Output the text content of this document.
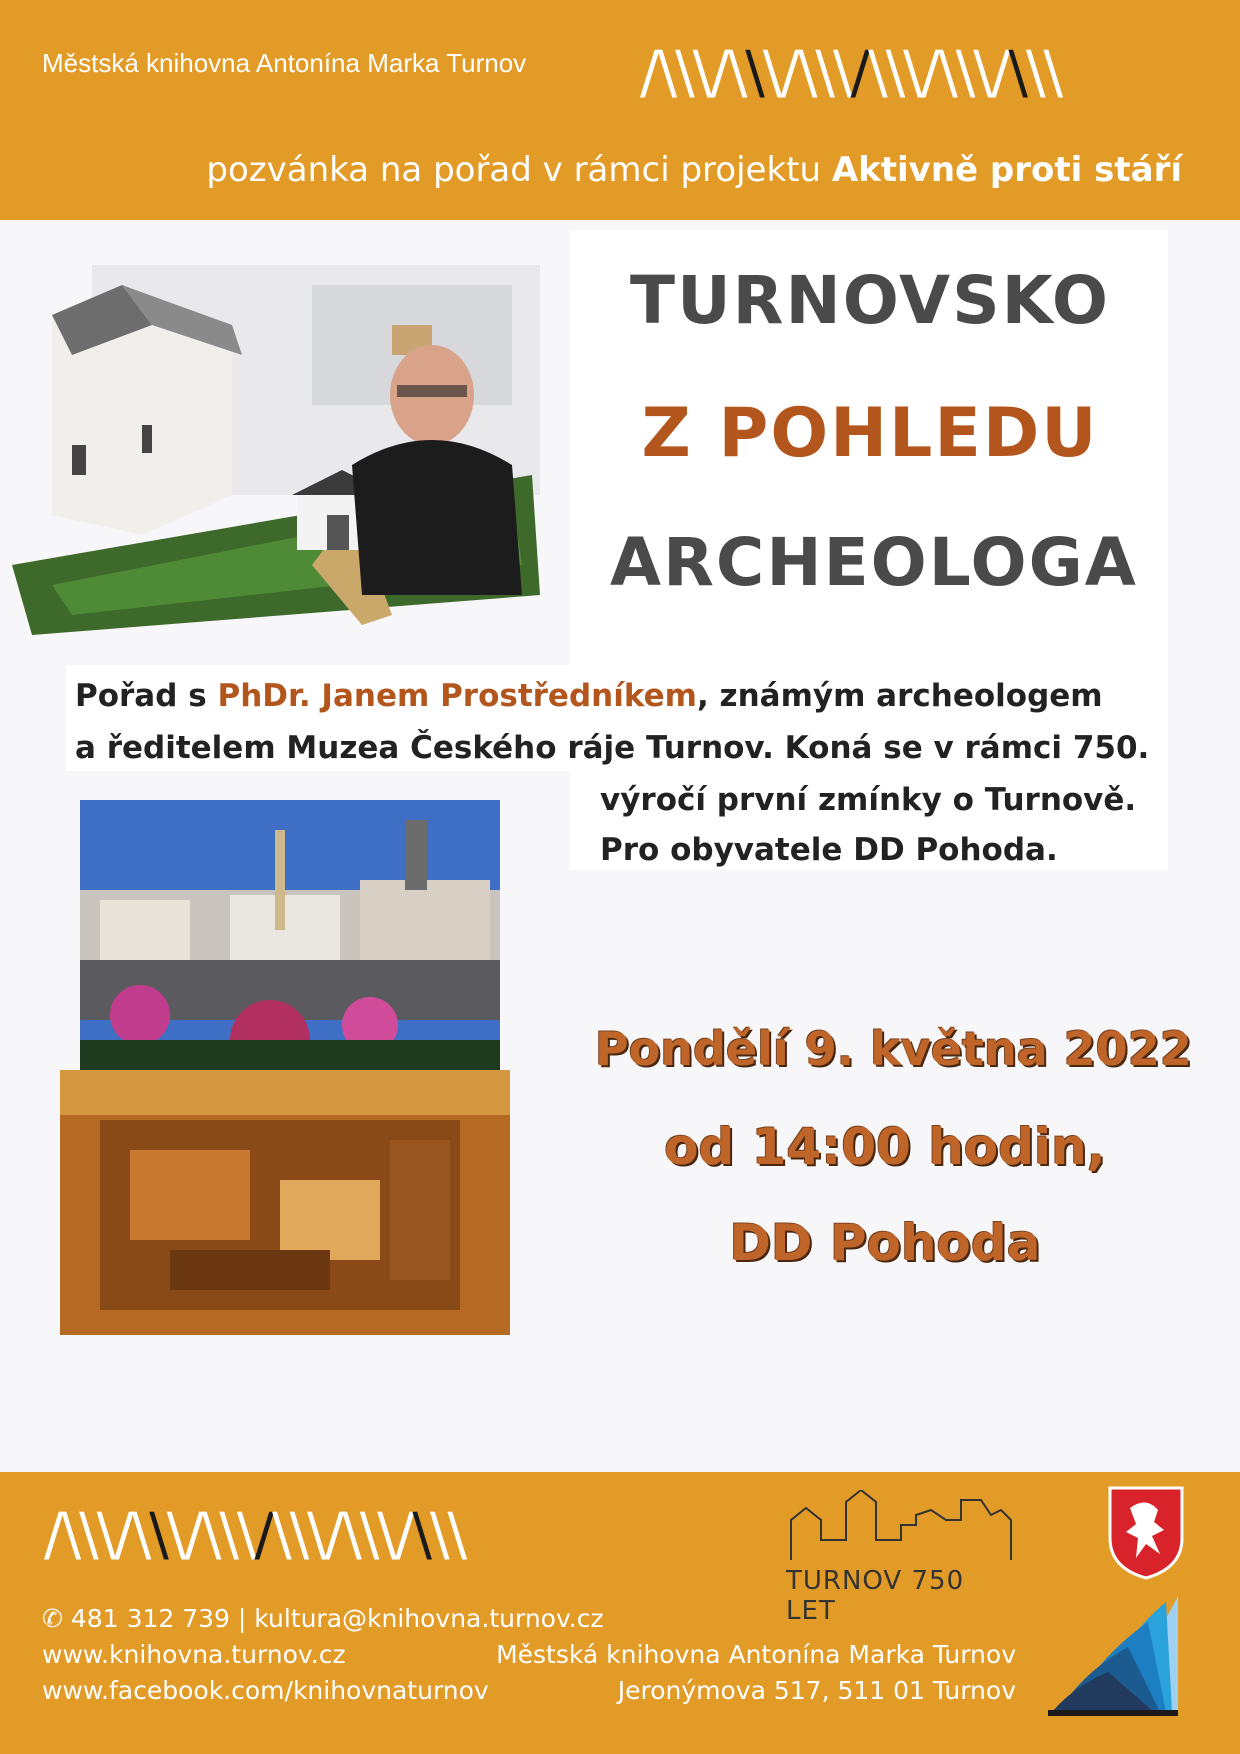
Městská knihovna Antonína Marka Turnov /\\\/\\\/\\\/\\\/\\\/\\\
pozvánka na pořad v rámci projektu Aktivně proti stáří
TURNOVSKO
Z POHLEDU
ARCHEOLOGA
Pořad s PhDr. Janem Prostředníkem, známým archeologem
a ředitelem Muzea Českého ráje Turnov. Koná se v rámci 750.
výročí první zmínky o Turnově.
Pro obyvatele DD Pohoda.
Pondělí 9. května 2022
od 14:00 hodin,
DD Pohoda
/\\\/\\\/\\\/\\\/\\\/\\\
TURNOV 750 LET
✆ 481 312 739 | kultura@knihovna.turnov.cz
www.knihovna.turnov.cz
www.facebook.com/knihovnaturnov
Městská knihovna Antonína Marka Turnov
Jeronýmova 517, 511 01 Turnov
